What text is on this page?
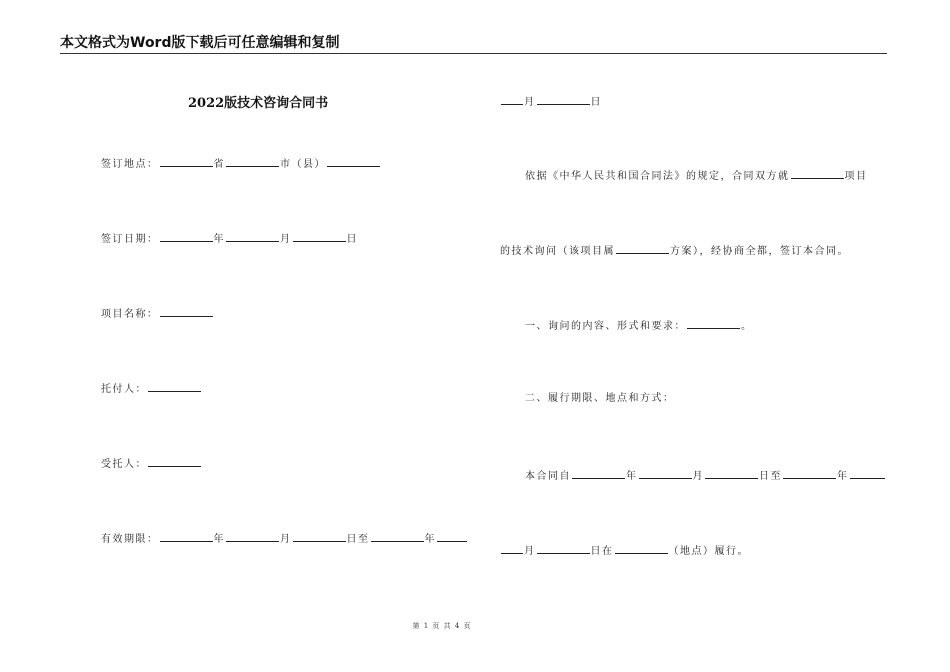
本文格式为Word版下载后可任意编辑和复制
2022版技术咨询合同书
签订地点：	省	市（县）
签订日期：	年	月	日
项目名称：
托付人：
受托人：
有效期限：	年	月	日至	年
月	日
依据《中华人民共和国合同法》的规定，合同双方就	项目
的技术询问（该项目属	方案），经协商全都，签订本合同。
一、询问的内容、形式和要求：	。
二、履行期限、地点和方式：
本合同自	年	月	日至	年
月	日在	（地点）履行。
第 1 页 共 4 页
